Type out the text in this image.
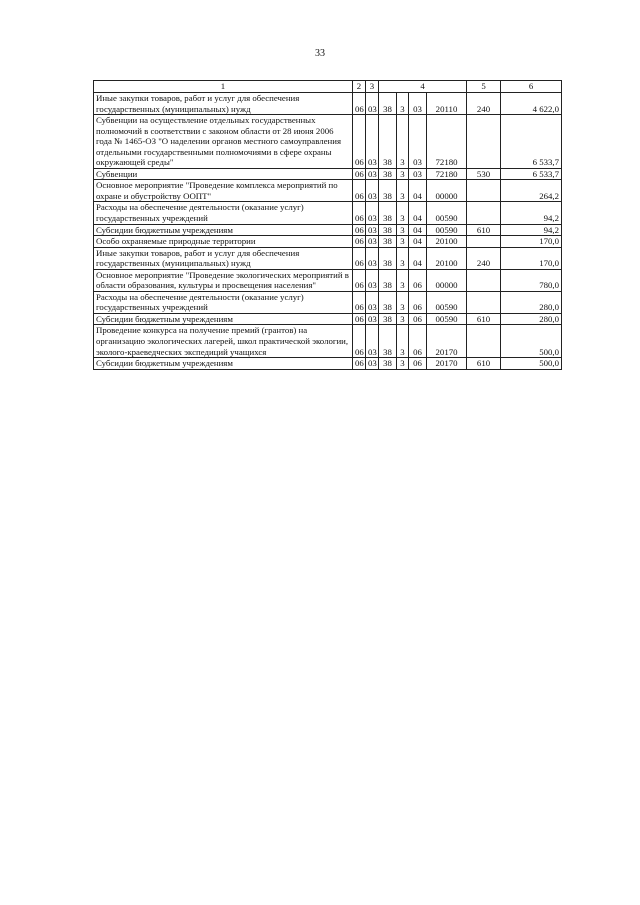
33
1	2	3	4				5	6
Иные закупки товаров, работ и услуг для обеспечения государственных (муниципальных) нужд	06	03	38	3	03	20110	240	4 622,0
Субвенции на осуществление отдельных государственных полномочий в соответствии с законом области от 28 июня 2006 года № 1465-ОЗ "О наделении органов местного самоуправления отдельными государственными полномочиями в сфере охраны окружающей среды"	06	03	38	3	03	72180		6 533,7
Субвенции	06	03	38	3	03	72180	530	6 533,7
Основное мероприятие "Проведение комплекса мероприятий по охране и обустройству ООПТ"	06	03	38	3	04	00000		264,2
Расходы на обеспечение деятельности (оказание услуг) государственных учреждений	06	03	38	3	04	00590		94,2
Субсидии бюджетным учреждениям	06	03	38	3	04	00590	610	94,2
Особо охраняемые природные территории	06	03	38	3	04	20100		170,0
Иные закупки товаров, работ и услуг для обеспечения государственных (муниципальных) нужд	06	03	38	3	04	20100	240	170,0
Основное мероприятие "Проведение экологических мероприятий в области образования, культуры и просвещения населения"	06	03	38	3	06	00000		780,0
Расходы на обеспечение деятельности (оказание услуг) государственных учреждений	06	03	38	3	06	00590		280,0
Субсидии бюджетным учреждениям	06	03	38	3	06	00590	610	280,0
Проведение конкурса на получение премий (грантов) на организацию экологических лагерей, школ практической экологии, эколого-краеведческих экспедиций учащихся	06	03	38	3	06	20170		500,0
Субсидии бюджетным учреждениям	06	03	38	3	06	20170	610	500,0
